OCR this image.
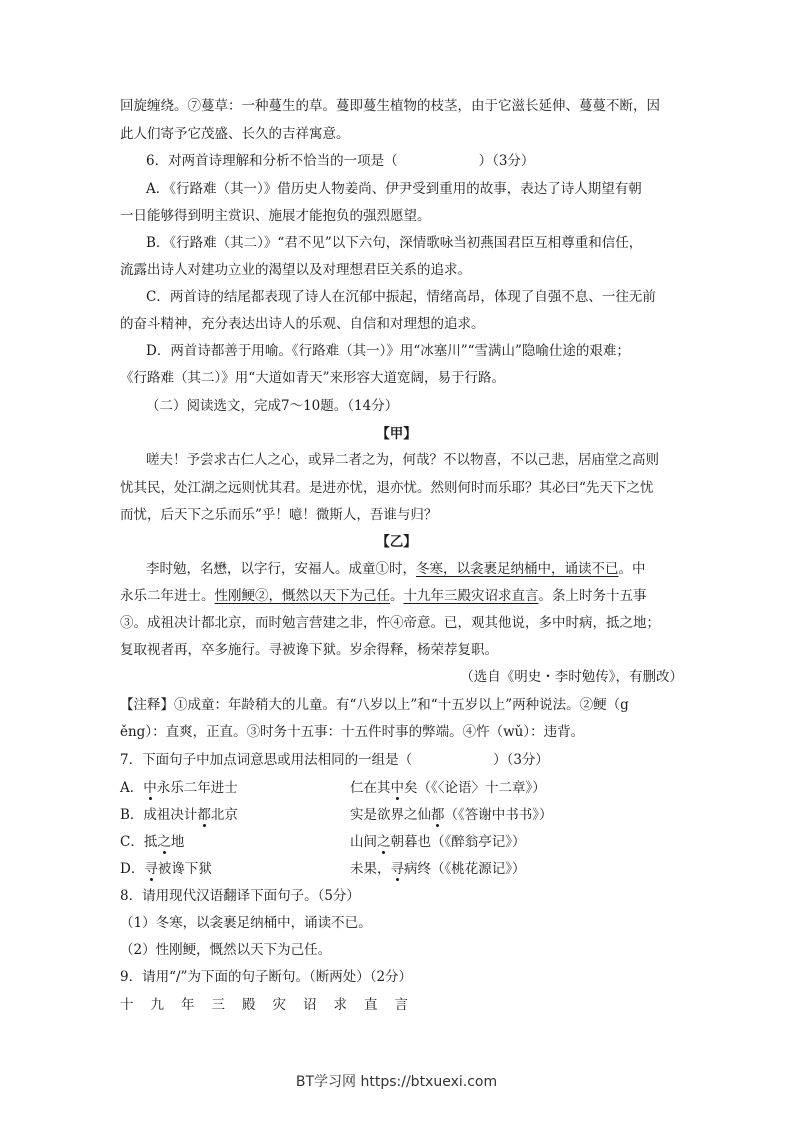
回旋缠绕。⑦蔓草：一种蔓生的草。蔓即蔓生植物的枝茎，由于它滋长延伸、蔓蔓不断，因
此人们寄予它茂盛、长久的吉祥寓意。
6．对两首诗理解和分析不恰当的一项是（　　　　　　）（3分）
A．《行路难（其一）》借历史人物姜尚、伊尹受到重用的故事，表达了诗人期望有朝
一日能够得到明主赏识、施展才能抱负的强烈愿望。
B．《行路难（其二）》“君不见”以下六句，深情歌咏当初燕国君臣互相尊重和信任，
流露出诗人对建功立业的渴望以及对理想君臣关系的追求。
C．两首诗的结尾都表现了诗人在沉郁中振起，情绪高昂，体现了自强不息、一往无前
的奋斗精神，充分表达出诗人的乐观、自信和对理想的追求。
D．两首诗都善于用喻。《行路难（其一）》用“冰塞川”“雪满山”隐喻仕途的艰难；
《行路难（其二）》用“大道如青天”来形容大道宽阔，易于行路。
（二）阅读选文，完成7～10题。（14分）
【甲】
嗟夫！予尝求古仁人之心，或异二者之为，何哉？不以物喜，不以己悲，居庙堂之高则
忧其民，处江湖之远则忧其君。是进亦忧，退亦忧。然则何时而乐耶？其必曰“先天下之忧
而忧，后天下之乐而乐”乎！噫！微斯人，吾谁与归？
【乙】
李时勉，名懋，以字行，安福人。成童①时，冬寒，以衾裹足纳桶中，诵读不已。中
永乐二年进士。性刚鲠②，慨然以天下为己任。十九年三殿灾诏求直言。条上时务十五事
③。成祖决计都北京，而时勉言营建之非，忤④帝意。已，观其他说，多中时病，抵之地；
复取视者再，卒多施行。寻被谗下狱。岁余得释，杨荣荐复职。
（选自《明史・李时勉传》，有删改）
【注释】①成童：年龄稍大的儿童。有“八岁以上”和“十五岁以上”两种说法。②鲠（g
ěng）：直爽，正直。③时务十五事：十五件时事的弊端。④忤（wǔ）：违背。
7．下面句子中加点词意思或用法相同的一组是（　　　　　　）（3分）
A．中永乐二年进士	仁在其中矣（《〈论语〉十二章》）
B．成祖决计都北京	实是欲界之仙都（《答谢中书书》）
C．抵之地	山间之朝暮也（《醉翁亭记》）
D．寻被谗下狱	未果，寻病终（《桃花源记》）
8．请用现代汉语翻译下面句子。（5分）
（1）冬寒，以衾裹足纳桶中，诵读不已。
（2）性刚鲠，慨然以天下为己任。
9．请用“/”为下面的句子断句。（断两处）（2分）
十九年三殿灾诏求直言
BT学习网 https://btxuexi.com
